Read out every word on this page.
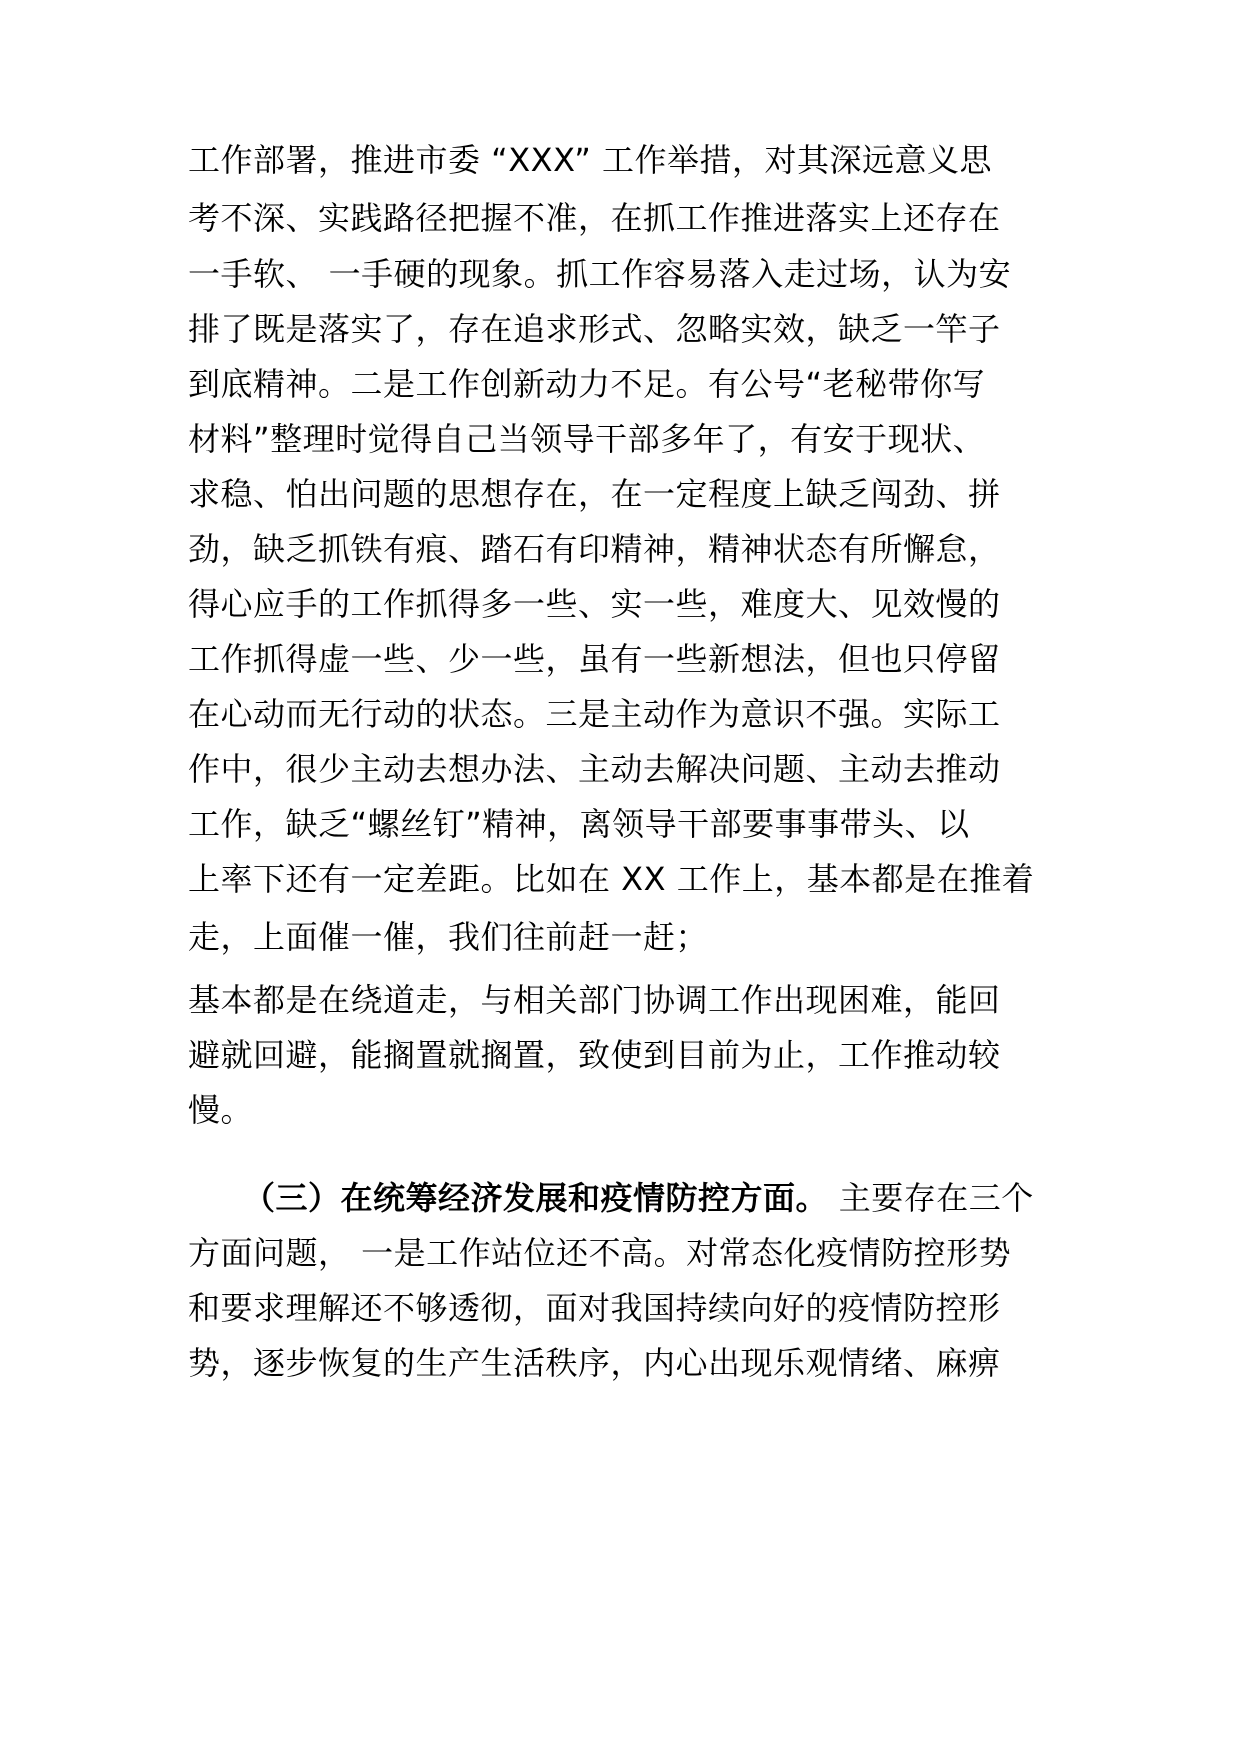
工作部署，推进市委 “XXX” 工作举措，对其深远意义思
考不深、实践路径把握不准，在抓工作推进落实上还存在
一手软、 一手硬的现象。抓工作容易落入走过场，认为安
排了既是落实了，存在追求形式、忽略实效，缺乏一竿子
到底精神。二是工作创新动力不足。有公号“老秘带你写
材料”整理时觉得自己当领导干部多年了，有安于现状、
求稳、怕出问题的思想存在，在一定程度上缺乏闯劲、拼
劲，缺乏抓铁有痕、踏石有印精神，精神状态有所懈怠，
得心应手的工作抓得多一些、实一些，难度大、见效慢的
工作抓得虚一些、少一些，虽有一些新想法，但也只停留
在心动而无行动的状态。三是主动作为意识不强。实际工
作中，很少主动去想办法、主动去解决问题、主动去推动
工作，缺乏“螺丝钉”精神，离领导干部要事事带头、以
上率下还有一定差距。比如在 XX 工作上，基本都是在推着
走，上面催一催，我们往前赶一赶；
基本都是在绕道走，与相关部门协调工作出现困难，能回
避就回避，能搁置就搁置，致使到目前为止，工作推动较
慢。
（三）在统筹经济发展和疫情防控方面。 主要存在三个
方面问题， 一是工作站位还不高。对常态化疫情防控形势
和要求理解还不够透彻，面对我国持续向好的疫情防控形
势，逐步恢复的生产生活秩序，内心出现乐观情绪、麻痹
